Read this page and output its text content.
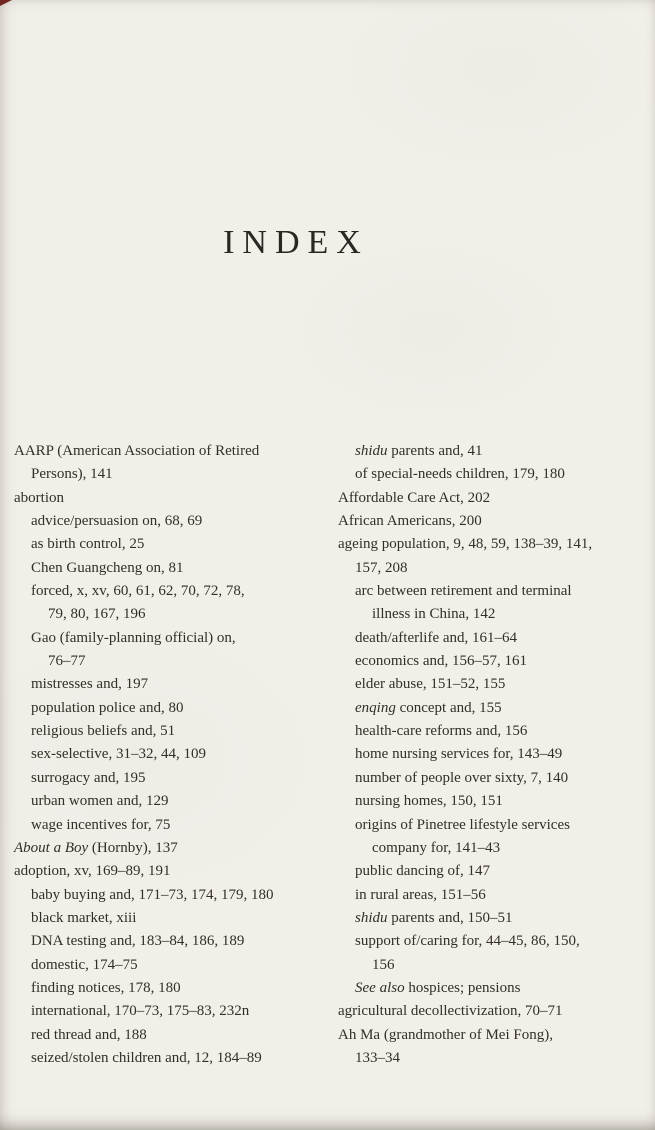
INDEX
AARP (American Association of Retired
Persons), 141
abortion
advice/persuasion on, 68, 69
as birth control, 25
Chen Guangcheng on, 81
forced, x, xv, 60, 61, 62, 70, 72, 78,
79, 80, 167, 196
Gao (family-planning official) on,
76–77
mistresses and, 197
population police and, 80
religious beliefs and, 51
sex-selective, 31–32, 44, 109
surrogacy and, 195
urban women and, 129
wage incentives for, 75
About a Boy (Hornby), 137
adoption, xv, 169–89, 191
baby buying and, 171–73, 174, 179, 180
black market, xiii
DNA testing and, 183–84, 186, 189
domestic, 174–75
finding notices, 178, 180
international, 170–73, 175–83, 232n
red thread and, 188
seized/stolen children and, 12, 184–89
shidu parents and, 41
of special-needs children, 179, 180
Affordable Care Act, 202
African Americans, 200
ageing population, 9, 48, 59, 138–39, 141,
157, 208
arc between retirement and terminal
illness in China, 142
death/afterlife and, 161–64
economics and, 156–57, 161
elder abuse, 151–52, 155
enqing concept and, 155
health-care reforms and, 156
home nursing services for, 143–49
number of people over sixty, 7, 140
nursing homes, 150, 151
origins of Pinetree lifestyle services
company for, 141–43
public dancing of, 147
in rural areas, 151–56
shidu parents and, 150–51
support of/caring for, 44–45, 86, 150,
156
See also hospices; pensions
agricultural decollectivization, 70–71
Ah Ma (grandmother of Mei Fong),
133–34
